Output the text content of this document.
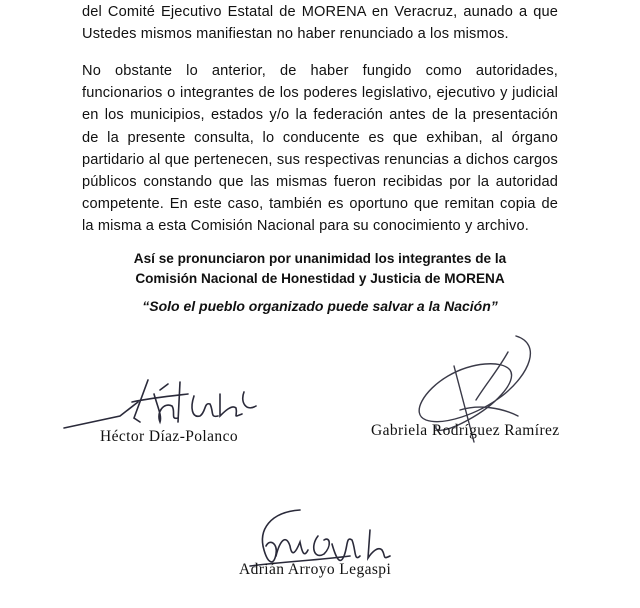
del Comité Ejecutivo Estatal de MORENA en Veracruz, aunado a que Ustedes mismos manifiestan no haber renunciado a los mismos.

No obstante lo anterior, de haber fungido como autoridades, funcionarios o integrantes de los poderes legislativo, ejecutivo y judicial en los municipios, estados y/o la federación antes de la presentación de la presente consulta, lo conducente es que exhiban, al órgano partidario al que pertenecen, sus respectivas renuncias a dichos cargos públicos constando que las mismas fueron recibidas por la autoridad competente. En este caso, también es oportuno que remitan copia de la misma a esta Comisión Nacional para su conocimiento y archivo.

Así se pronunciaron por unanimidad los integrantes de la
Comisión Nacional de Honestidad y Justicia de MORENA

“Solo el pueblo organizado puede salvar a la Nación”

Héctor Díaz-Polanco	Gabriela Rodríguez Ramírez

Adrián Arroyo Legaspi
